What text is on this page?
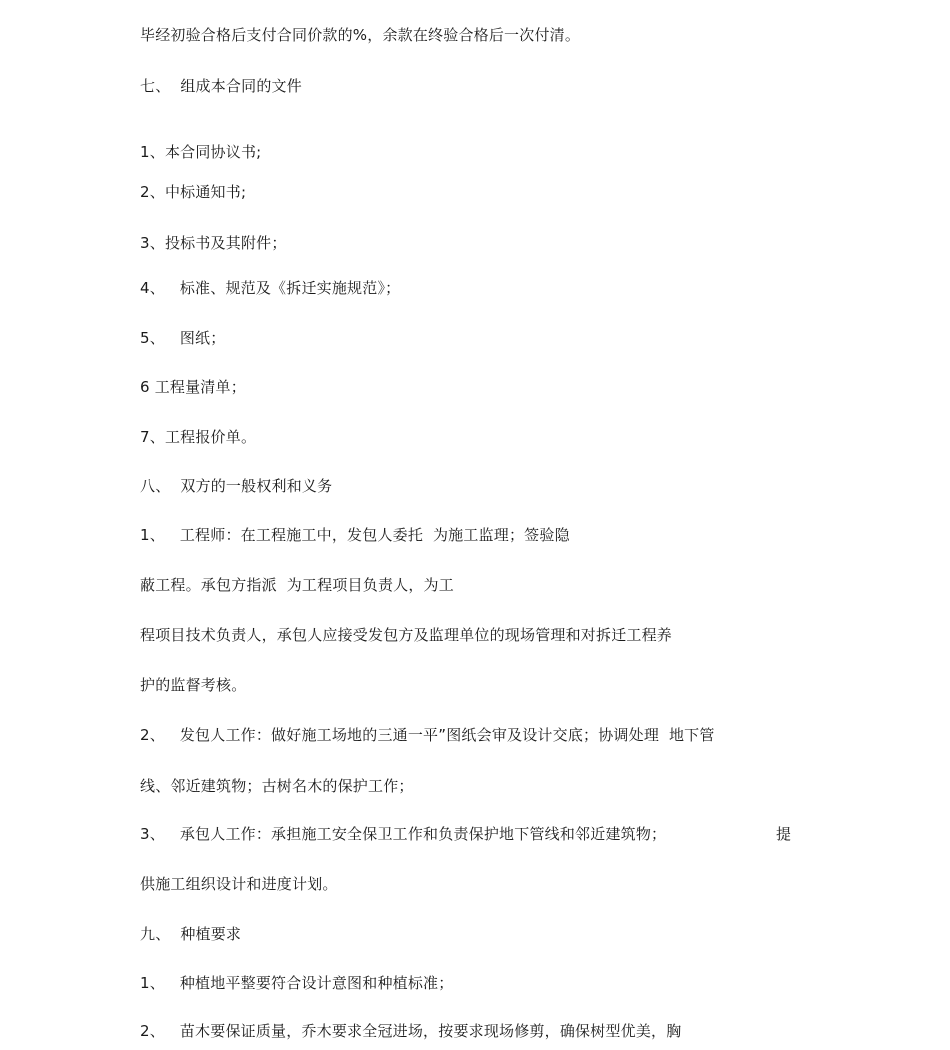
毕经初验合格后支付合同价款的%，余款在终验合格后一次付清。
七、  组成本合同的文件
1、本合同协议书;
2、中标通知书;
3、投标书及其附件；
4、   标准、规范及《拆迁实施规范》；
5、   图纸；
6 工程量清单；
7、工程报价单。
八、  双方的一般权利和义务
1、   工程师：在工程施工中，发包人委托  为施工监理；签验隐
蔽工程。承包方指派  为工程项目负责人，为工
程项目技术负责人，承包人应接受发包方及监理单位的现场管理和对拆迁工程养
护的监督考核。
2、   发包人工作：做好施工场地的三通一平”图纸会审及设计交底；协调处理  地下管
线、邻近建筑物；古树名木的保护工作；
3、   承包人工作：承担施工安全保卫工作和负责保护地下管线和邻近建筑物；	提
供施工组织设计和进度计划。
九、  种植要求
1、   种植地平整要符合设计意图和种植标准；
2、   苗木要保证质量，乔木要求全冠进场，按要求现场修剪，确保树型优美，胸
